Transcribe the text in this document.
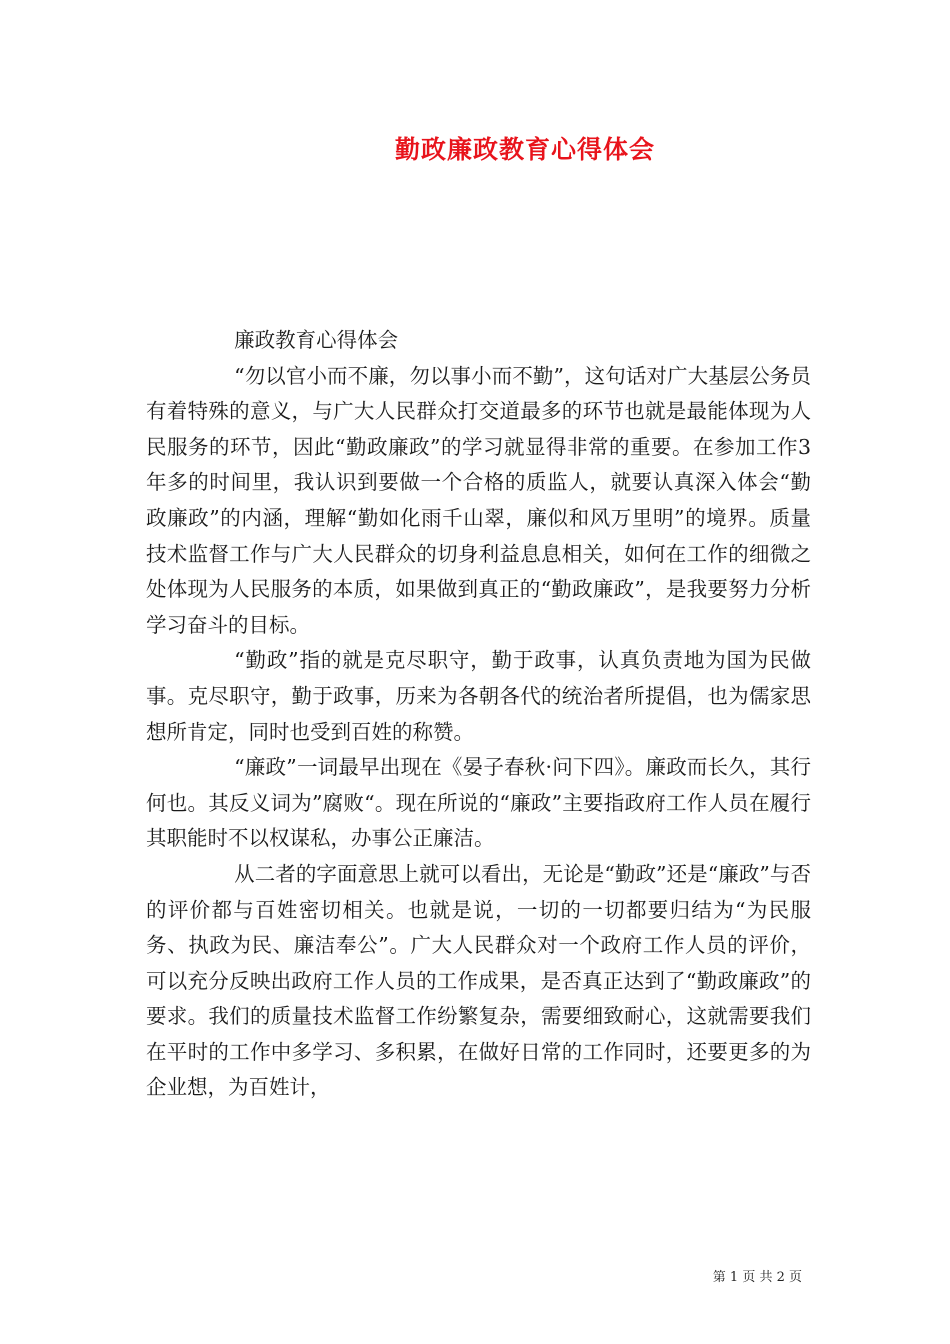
勤政廉政教育心得体会

廉政教育心得体会

“勿以官小而不廉，勿以事小而不勤”，这句话对广大基层公务员有着特殊的意义，与广大人民群众打交道最多的环节也就是最能体现为人民服务的环节，因此“勤政廉政”的学习就显得非常的重要。在参加工作3年多的时间里，我认识到要做一个合格的质监人，就要认真深入体会“勤政廉政”的内涵，理解“勤如化雨千山翠，廉似和风万里明”的境界。质量技术监督工作与广大人民群众的切身利益息息相关，如何在工作的细微之处体现为人民服务的本质，如果做到真正的“勤政廉政”，是我要努力分析学习奋斗的目标。

“勤政”指的就是克尽职守，勤于政事，认真负责地为国为民做事。克尽职守，勤于政事，历来为各朝各代的统治者所提倡，也为儒家思想所肯定，同时也受到百姓的称赞。

“廉政”一词最早出现在《晏子春秋·问下四》。廉政而长久，其行何也。其反义词为”腐败“。现在所说的“廉政”主要指政府工作人员在履行其职能时不以权谋私，办事公正廉洁。

从二者的字面意思上就可以看出，无论是“勤政”还是“廉政”与否的评价都与百姓密切相关。也就是说，一切的一切都要归结为“为民服务、执政为民、廉洁奉公”。广大人民群众对一个政府工作人员的评价，可以充分反映出政府工作人员的工作成果，是否真正达到了“勤政廉政”的要求。我们的质量技术监督工作纷繁复杂，需要细致耐心，这就需要我们在平时的工作中多学习、多积累，在做好日常的工作同时，还要更多的为企业想，为百姓计，

第 1 页 共 2 页
